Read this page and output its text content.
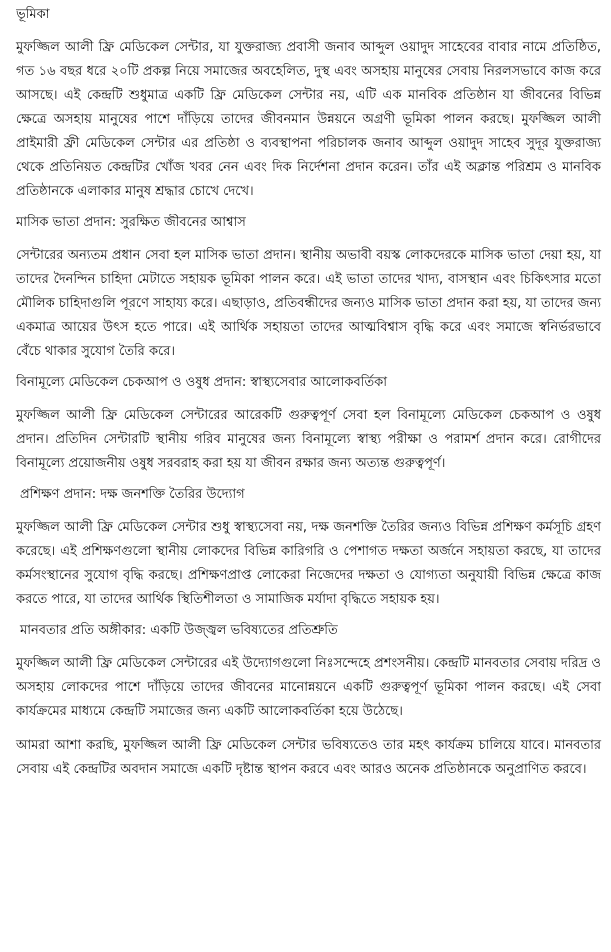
ভূমিকা

মুফজ্জিল আলী ফ্রি মেডিকেল সেন্টার, যা যুক্তরাজ্য প্রবাসী জনাব আব্দুল ওয়াদুদ সাহেবের বাবার নামে প্রতিষ্ঠিত, গত ১৬ বছর ধরে ২০টি প্রকল্প নিয়ে সমাজের অবহেলিত, দুস্থ এবং অসহায় মানুষের সেবায় নিরলসভাবে কাজ করে আসছে। এই কেন্দ্রটি শুধুমাত্র একটি ফ্রি মেডিকেল সেন্টার নয়, এটি এক মানবিক প্রতিষ্ঠান যা জীবনের বিভিন্ন ক্ষেত্রে অসহায় মানুষের পাশে দাঁড়িয়ে তাদের জীবনমান উন্নয়নে অগ্রণী ভূমিকা পালন করছে। মুফজ্জিল আলী প্রাইমারী ফ্রী মেডিকেল সেন্টার এর প্রতিষ্ঠা ও ব্যবস্থাপনা পরিচালক জনাব আব্দুল ওয়াদুদ সাহেব সুদূর যুক্তরাজ্য থেকে প্রতিনিয়ত কেন্দ্রটির খোঁজ খবর নেন এবং দিক নির্দেশনা প্রদান করেন। তাঁর এই অক্লান্ত পরিশ্রম ও মানবিক প্রতিষ্ঠানকে এলাকার মানুষ শ্রদ্ধার চোখে দেখে।

মাসিক ভাতা প্রদান: সুরক্ষিত জীবনের আশ্বাস

সেন্টারের অন্যতম প্রধান সেবা হল মাসিক ভাতা প্রদান। স্থানীয় অভাবী বয়স্ক লোকদেরকে মাসিক ভাতা দেয়া হয়, যা তাদের দৈনন্দিন চাহিদা মেটাতে সহায়ক ভূমিকা পালন করে। এই ভাতা তাদের খাদ্য, বাসস্থান এবং চিকিৎসার মতো মৌলিক চাহিদাগুলি পূরণে সাহায্য করে। এছাড়াও, প্রতিবন্ধীদের জন্যও মাসিক ভাতা প্রদান করা হয়, যা তাদের জন্য একমাত্র আয়ের উৎস হতে পারে। এই আর্থিক সহায়তা তাদের আত্মবিশ্বাস বৃদ্ধি করে এবং সমাজে স্বনির্ভরভাবে বেঁচে থাকার সুযোগ তৈরি করে।

বিনামূল্যে মেডিকেল চেকআপ ও ওষুধ প্রদান: স্বাস্থ্যসেবার আলোকবর্তিকা

মুফজ্জিল আলী ফ্রি মেডিকেল সেন্টারের আরেকটি গুরুত্বপূর্ণ সেবা হল বিনামূল্যে মেডিকেল চেকআপ ও ওষুধ প্রদান। প্রতিদিন সেন্টারটি স্থানীয় গরিব মানুষের জন্য বিনামূল্যে স্বাস্থ্য পরীক্ষা ও পরামর্শ প্রদান করে। রোগীদের বিনামূল্যে প্রয়োজনীয় ওষুধ সরবরাহ করা হয় যা জীবন রক্ষার জন্য অত্যন্ত গুরুত্বপূর্ণ।

প্রশিক্ষণ প্রদান: দক্ষ জনশক্তি তৈরির উদ্যোগ

মুফজ্জিল আলী ফ্রি মেডিকেল সেন্টার শুধু স্বাস্থ্যসেবা নয়, দক্ষ জনশক্তি তৈরির জন্যও বিভিন্ন প্রশিক্ষণ কর্মসূচি গ্রহণ করেছে। এই প্রশিক্ষণগুলো স্থানীয় লোকদের বিভিন্ন কারিগরি ও পেশাগত দক্ষতা অর্জনে সহায়তা করছে, যা তাদের কর্মসংস্থানের সুযোগ বৃদ্ধি করছে। প্রশিক্ষণপ্রাপ্ত লোকেরা নিজেদের দক্ষতা ও যোগ্যতা অনুযায়ী বিভিন্ন ক্ষেত্রে কাজ করতে পারে, যা তাদের আর্থিক স্থিতিশীলতা ও সামাজিক মর্যাদা বৃদ্ধিতে সহায়ক হয়।

মানবতার প্রতি অঙ্গীকার: একটি উজ্জ্বল ভবিষ্যতের প্রতিশ্রুতি

মুফজ্জিল আলী ফ্রি মেডিকেল সেন্টারের এই উদ্যোগগুলো নিঃসন্দেহে প্রশংসনীয়। কেন্দ্রটি মানবতার সেবায় দরিদ্র ও অসহায় লোকদের পাশে দাঁড়িয়ে তাদের জীবনের মানোন্নয়নে একটি গুরুত্বপূর্ণ ভূমিকা পালন করছে। এই সেবা কার্যক্রমের মাধ্যমে কেন্দ্রটি সমাজের জন্য একটি আলোকবর্তিকা হয়ে উঠেছে।

আমরা আশা করছি, মুফজ্জিল আলী ফ্রি মেডিকেল সেন্টার ভবিষ্যতেও তার মহৎ কার্যক্রম চালিয়ে যাবে। মানবতার সেবায় এই কেন্দ্রটির অবদান সমাজে একটি দৃষ্টান্ত স্থাপন করবে এবং আরও অনেক প্রতিষ্ঠানকে অনুপ্রাণিত করবে।
